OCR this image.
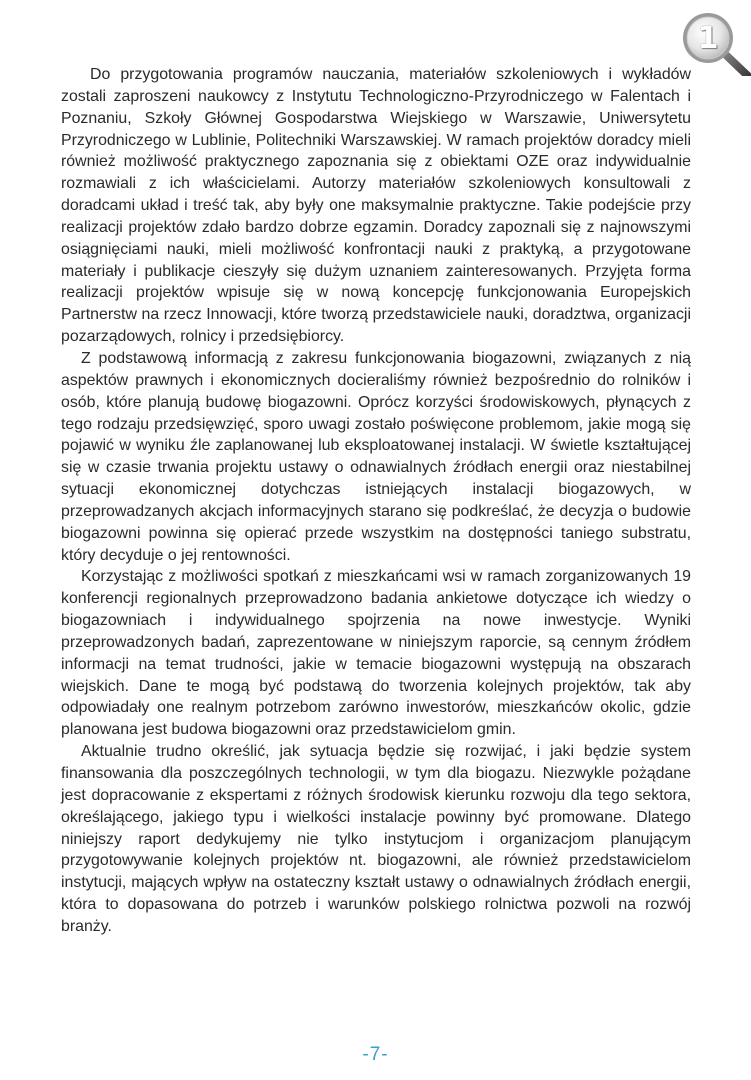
1

Do przygotowania programów nauczania, materiałów szkoleniowych i wykładów zostali zaproszeni naukowcy z Instytutu Technologiczno-Przyrodniczego w Falentach i Poznaniu, Szkoły Głównej Gospodarstwa Wiejskiego w Warszawie, Uniwersytetu Przyrodniczego w Lublinie, Politechniki Warszawskiej. W ramach projektów doradcy mieli również możliwość praktycznego zapoznania się z obiektami OZE oraz indywidualnie rozmawiali z ich właścicielami. Autorzy materiałów szkoleniowych konsultowali z doradcami układ i treść tak, aby były one maksymalnie praktyczne. Takie podejście przy realizacji projektów zdało bardzo dobrze egzamin. Doradcy zapoznali się z najnowszymi osiągnięciami nauki, mieli możliwość konfrontacji nauki z praktyką, a przygotowane materiały i publikacje cieszyły się dużym uznaniem zainteresowanych. Przyjęta forma realizacji projektów wpisuje się w nową koncepcję funkcjonowania Europejskich Partnerstw na rzecz Innowacji, które tworzą przedstawiciele nauki, doradztwa, organizacji pozarządowych, rolnicy i przedsiębiorcy.

Z podstawową informacją z zakresu funkcjonowania biogazowni, związanych z nią aspektów prawnych i ekonomicznych docieraliśmy również bezpośrednio do rolników i osób, które planują budowę biogazowni. Oprócz korzyści środowiskowych, płynących z tego rodzaju przedsięwzięć, sporo uwagi zostało poświęcone problemom, jakie mogą się pojawić w wyniku źle zaplanowanej lub eksploatowanej instalacji. W świetle kształtującej się w czasie trwania projektu ustawy o odnawialnych źródłach energii oraz niestabilnej sytuacji ekonomicznej dotychczas istniejących instalacji biogazowych, w przeprowadzanych akcjach informacyjnych starano się podkreślać, że decyzja o budowie biogazowni powinna się opierać przede wszystkim na dostępności taniego substratu, który decyduje o jej rentowności.

Korzystając z możliwości spotkań z mieszkańcami wsi w ramach zorganizowanych 19 konferencji regionalnych przeprowadzono badania ankietowe dotyczące ich wiedzy o biogazowniach i indywidualnego spojrzenia na nowe inwestycje. Wyniki przeprowadzonych badań, zaprezentowane w niniejszym raporcie, są cennym źródłem informacji na temat trudności, jakie w temacie biogazowni występują na obszarach wiejskich. Dane te mogą być podstawą do tworzenia kolejnych projektów, tak aby odpowiadały one realnym potrzebom zarówno inwestorów, mieszkańców okolic, gdzie planowana jest budowa biogazowni oraz przedstawicielom gmin.

Aktualnie trudno określić, jak sytuacja będzie się rozwijać, i jaki będzie system finansowania dla poszczególnych technologii, w tym dla biogazu. Niezwykle pożądane jest dopracowanie z ekspertami z różnych środowisk kierunku rozwoju dla tego sektora, określającego, jakiego typu i wielkości instalacje powinny być promowane. Dlatego niniejszy raport dedykujemy nie tylko instytucjom i organizacjom planującym przygotowywanie kolejnych projektów nt. biogazowni, ale również przedstawicielom instytucji, mających wpływ na ostateczny kształt ustawy o odnawialnych źródłach energii, która to dopasowana do potrzeb i warunków polskiego rolnictwa pozwoli na rozwój branży.

-7-
